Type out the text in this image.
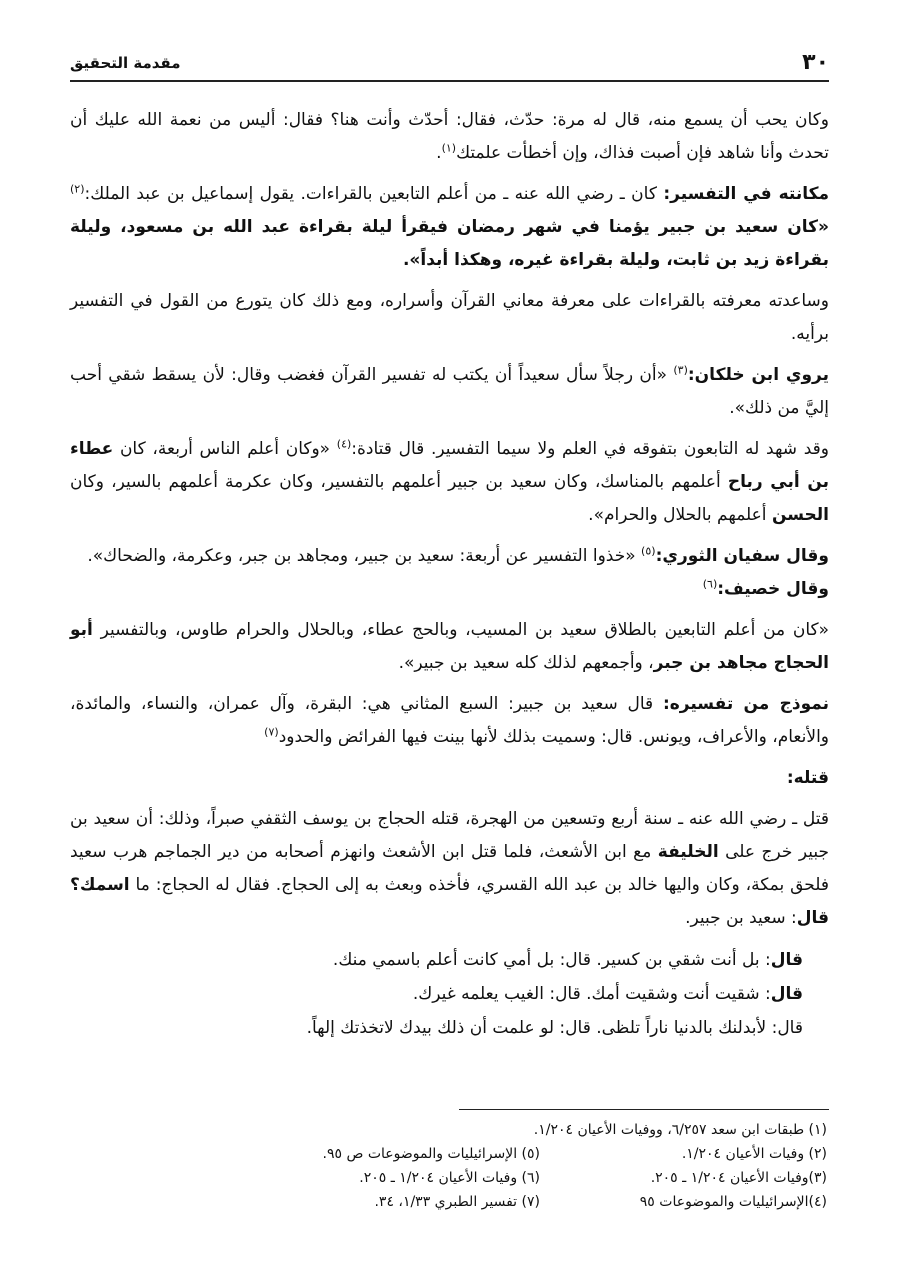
٣٠
مقدمة التحقيق

وكان يحب أن يسمع منه، قال له مرة: حدّث، فقال: أحدّث وأنت هنا؟ فقال: أليس من نعمة الله عليك أن تحدث وأنا شاهد فإن أصبت فذاك، وإن أخطأت علمتك$^{(١)}$.

مكانته في التفسير: كان ـ رضي الله عنه ـ من أعلم التابعين بالقراءات. يقول إسماعيل بن عبد الملك:$^{(٢)}$ «كان سعيد بن جبير يؤمنا في شهر رمضان فيقرأ ليلة بقراءة عبد الله بن مسعود، وليلة بقراءة زيد بن ثابت، وليلة بقراءة غيره، وهكذا أبداً».

وساعدته معرفته بالقراءات على معرفة معاني القرآن وأسراره، ومع ذلك كان يتورع من القول في التفسير برأيه.

يروي ابن خلكان:$^{(٣)}$ «أن رجلاً سأل سعيداً أن يكتب له تفسير القرآن فغضب وقال: لأن يسقط شقي أحب إليَّ من ذلك».

وقد شهد له التابعون بتفوقه في العلم ولا سيما التفسير. قال قتادة:$^{(٤)}$ «وكان أعلم الناس أربعة، كان عطاء بن أبي رباح أعلمهم بالمناسك، وكان سعيد بن جبير أعلمهم بالتفسير، وكان عكرمة أعلمهم بالسير، وكان الحسن أعلمهم بالحلال والحرام».

وقال سفيان الثوري:$^{(٥)}$ «خذوا التفسير عن أربعة: سعيد بن جبير، ومجاهد بن جبر، وعكرمة، والضحاك».

وقال خصيف:$^{(٦)}$

«كان من أعلم التابعين بالطلاق سعيد بن المسيب، وبالحج عطاء، وبالحلال والحرام طاوس، وبالتفسير أبو الحجاج مجاهد بن جبر، وأجمعهم لذلك كله سعيد بن جبير».

نموذج من تفسيره: قال سعيد بن جبير: السبع المثاني هي: البقرة، وآل عمران، والنساء، والمائدة، والأنعام، والأعراف، ويونس. قال: وسميت بذلك لأنها بينت فيها الفرائض والحدود$^{(٧)}$

قتله:

قتل ـ رضي الله عنه ـ سنة أربع وتسعين من الهجرة، قتله الحجاج بن يوسف الثقفي صبراً، وذلك: أن سعيد بن جبير خرج على الخليفة مع ابن الأشعث، فلما قتل ابن الأشعث وانهزم أصحابه من دير الجماجم هرب سعيد فلحق بمكة، وكان واليها خالد بن عبد الله القسري، فأخذه وبعث به إلى الحجاج. فقال له الحجاج: ما اسمك؟ قال: سعيد بن جبير.

قال: بل أنت شقي بن كسير. قال: بل أمي كانت أعلم باسمي منك.
قال: شقيت أنت وشقيت أمك. قال: الغيب يعلمه غيرك.
قال: لأبدلنك بالدنيا ناراً تلظى. قال: لو علمت أن ذلك بيدك لاتخذتك إلهاً.
(١) طبقات ابن سعد ٦/٢٥٧، ووفيات الأعيان ١/٢٠٤.
(٢) وفيات الأعيان ١/٢٠٤.
(٣)وفيات الأعيان ١/٢٠٤ ـ ٢٠٥.
(٤)الإسرائيليات والموضوعات ٩٥
(٥) الإسرائيليات والموضوعات ص ٩٥.
(٦) وفيات الأعيان ١/٢٠٤ ـ ٢٠٥.
(٧) تفسير الطبري ١/٣٣، ٣٤.
